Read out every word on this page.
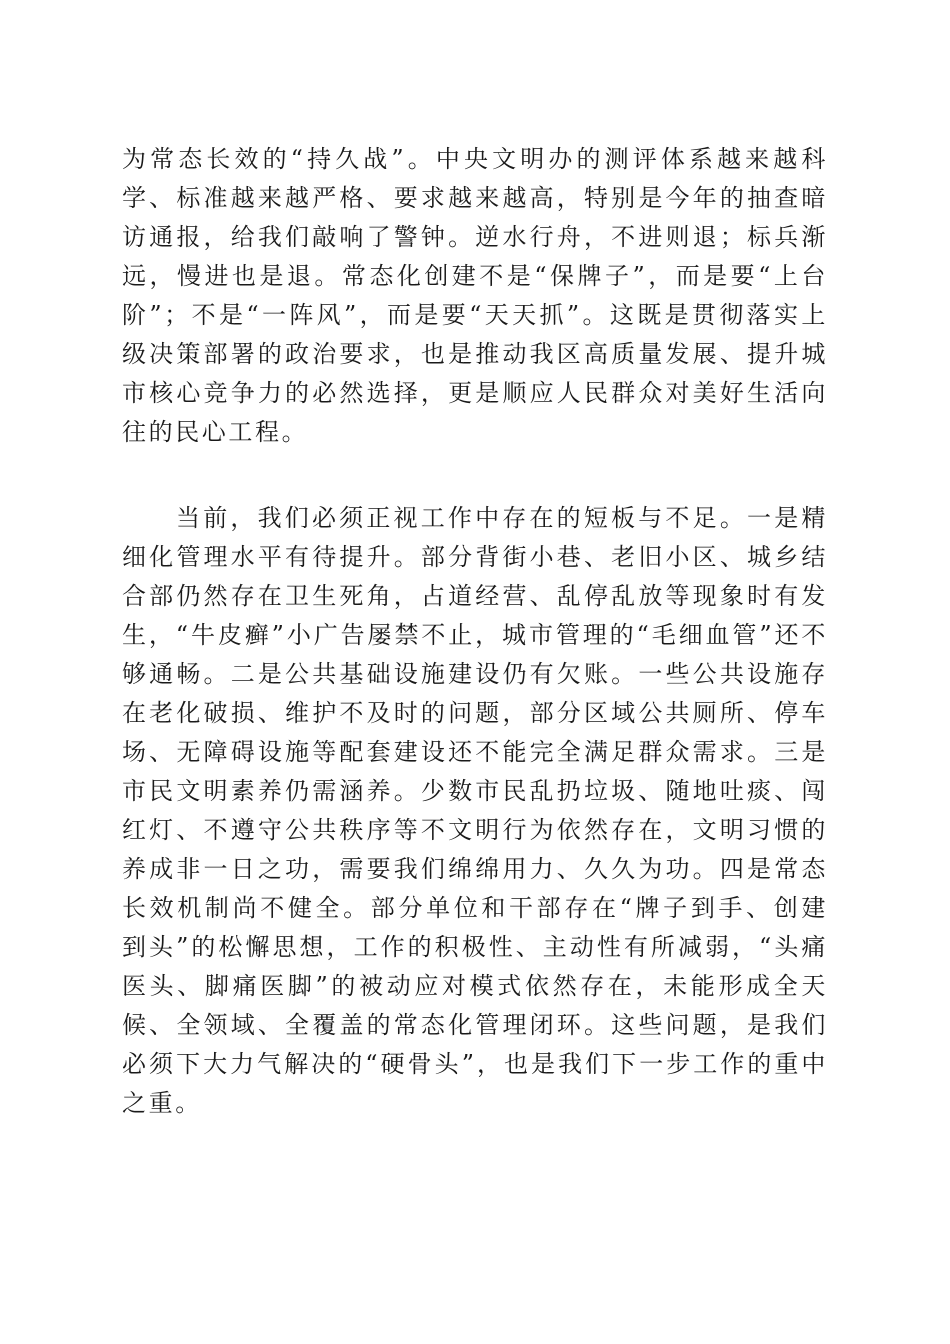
为常态长效的“持久战”。中央文明办的测评体系越来越科学、标准越来越严格、要求越来越高，特别是今年的抽查暗访通报，给我们敲响了警钟。逆水行舟，不进则退；标兵渐远，慢进也是退。常态化创建不是“保牌子”，而是要“上台阶”；不是“一阵风”，而是要“天天抓”。这既是贯彻落实上级决策部署的政治要求，也是推动我区高质量发展、提升城市核心竞争力的必然选择，更是顺应人民群众对美好生活向往的民心工程。

当前，我们必须正视工作中存在的短板与不足。一是精细化管理水平有待提升。部分背街小巷、老旧小区、城乡结合部仍然存在卫生死角，占道经营、乱停乱放等现象时有发生，“牛皮癣”小广告屡禁不止，城市管理的“毛细血管”还不够通畅。二是公共基础设施建设仍有欠账。一些公共设施存在老化破损、维护不及时的问题，部分区域公共厕所、停车场、无障碍设施等配套建设还不能完全满足群众需求。三是市民文明素养仍需涵养。少数市民乱扔垃圾、随地吐痰、闯红灯、不遵守公共秩序等不文明行为依然存在，文明习惯的养成非一日之功，需要我们绵绵用力、久久为功。四是常态长效机制尚不健全。部分单位和干部存在“牌子到手、创建到头”的松懈思想，工作的积极性、主动性有所减弱，“头痛医头、脚痛医脚”的被动应对模式依然存在，未能形成全天候、全领域、全覆盖的常态化管理闭环。这些问题，是我们必须下大力气解决的“硬骨头”，也是我们下一步工作的重中之重。
